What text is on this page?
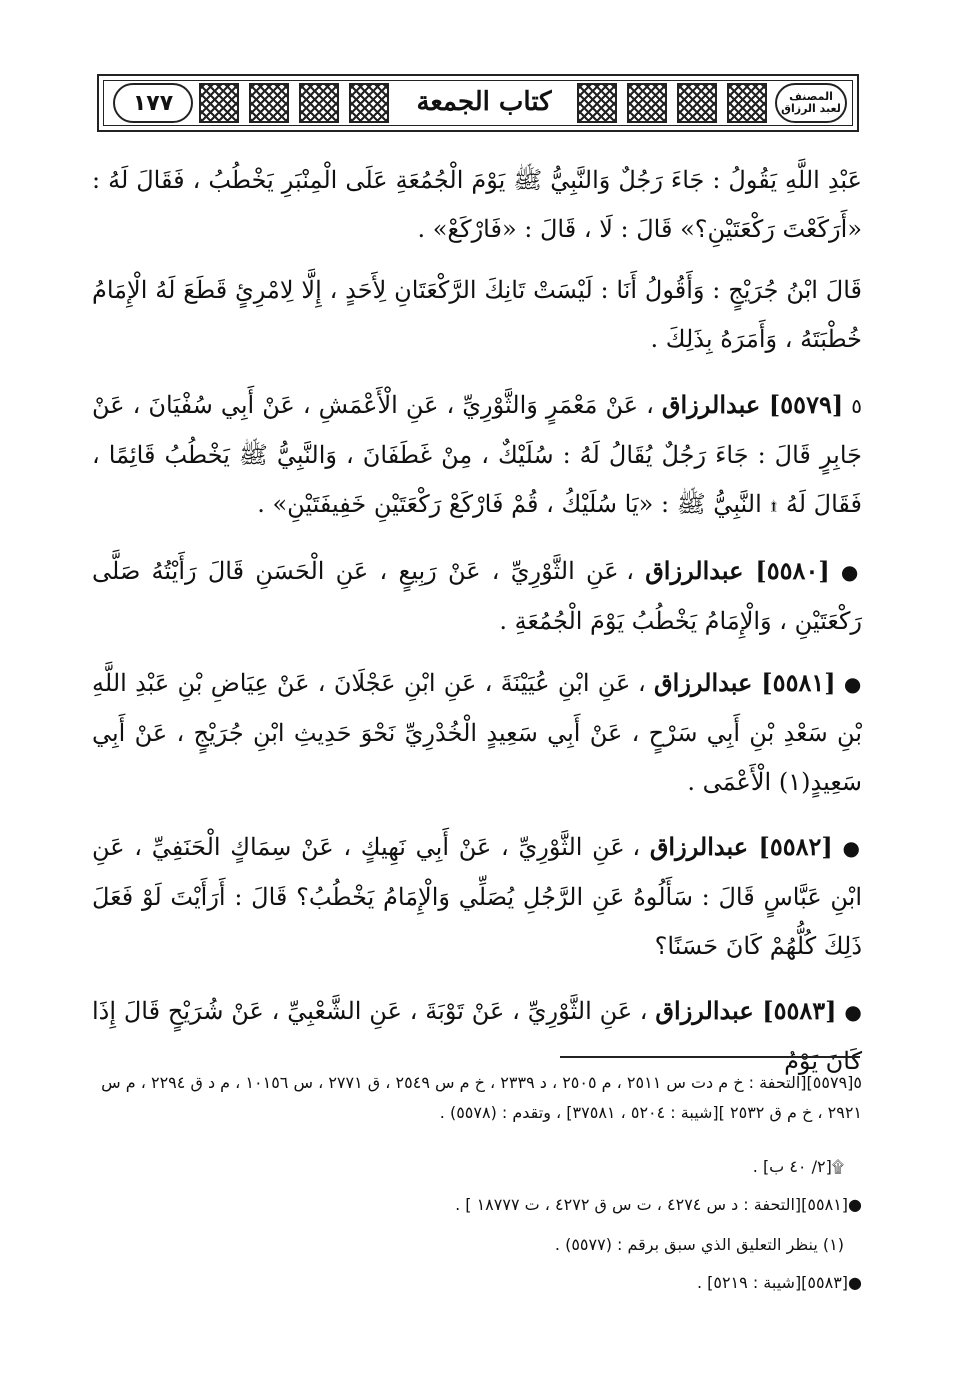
١٧٧	كتاب الجمعة	المصنف لعبد الرزاق
عَبْدِ اللَّهِ يَقُولُ : جَاءَ رَجُلٌ وَالنَّبِيُّ ﷺ يَوْمَ الْجُمُعَةِ عَلَى الْمِنْبَرِ يَخْطُبُ ، فَقَالَ لَهُ : «أَرَكَعْتَ رَكْعَتَيْنِ؟» قَالَ : لَا ، قَالَ : «فَارْكَعْ» .
قَالَ ابْنُ جُرَيْجٍ : وَأَقُولُ أَنَا : لَيْسَتْ تَانِكَ الرَّكْعَتَانِ لِأَحَدٍ ، إِلَّا لِامْرِئٍ قَطَعَ لَهُ الْإِمَامُ خُطْبَتَهُ ، وَأَمَرَهُ بِذَلِكَ .
٥ [٥٥٧٩] عبدالرزاق ، عَنْ مَعْمَرٍ وَالثَّوْرِيِّ ، عَنِ الْأَعْمَشِ ، عَنْ أَبِي سُفْيَانَ ، عَنْ جَابِرٍ قَالَ : جَاءَ رَجُلٌ يُقَالُ لَهُ : سُلَيْكٌ ، مِنْ غَطَفَانَ ، وَالنَّبِيُّ ﷺ يَخْطُبُ قَائِمًا ، فَقَالَ لَهُ ۩ النَّبِيُّ ﷺ : «يَا سُلَيْكُ ، قُمْ فَارْكَعْ رَكْعَتَيْنِ خَفِيفَتَيْنِ» .
● [٥٥٨٠] عبدالرزاق ، عَنِ الثَّوْرِيِّ ، عَنْ رَبِيعٍ ، عَنِ الْحَسَنِ قَالَ رَأَيْتُهُ صَلَّى رَكْعَتَيْنِ ، وَالْإِمَامُ يَخْطُبُ يَوْمَ الْجُمُعَةِ .
● [٥٥٨١] عبدالرزاق ، عَنِ ابْنِ عُيَيْنَةَ ، عَنِ ابْنِ عَجْلَانَ ، عَنْ عِيَاضِ بْنِ عَبْدِ اللَّهِ بْنِ سَعْدِ بْنِ أَبِي سَرْحٍ ، عَنْ أَبِي سَعِيدٍ الْخُدْرِيِّ نَحْوَ حَدِيثِ ابْنِ جُرَيْجٍ ، عَنْ أَبِي سَعِيدٍ(١) الْأَعْمَى .
● [٥٥٨٢] عبدالرزاق ، عَنِ الثَّوْرِيِّ ، عَنْ أَبِي نَهِيكٍ ، عَنْ سِمَاكٍ الْحَنَفِيِّ ، عَنِ ابْنِ عَبَّاسٍ قَالَ : سَأَلُوهُ عَنِ الرَّجُلِ يُصَلِّي وَالْإِمَامُ يَخْطُبُ؟ قَالَ : أَرَأَيْتَ لَوْ فَعَلَ ذَلِكَ كُلُّهُمْ كَانَ حَسَنًا؟
● [٥٥٨٣] عبدالرزاق ، عَنِ الثَّوْرِيِّ ، عَنْ تَوْبَةَ ، عَنِ الشَّعْبِيِّ ، عَنْ شُرَيْحٍ قَالَ إِذَا كَانَ يَوْمُ
٥[٥٥٧٩][التحفة : خ م دت س ٢٥١١ ، م ٢٥٠٥ ، د ٢٣٣٩ ، خ م س ٢٥٤٩ ، ق ٢٧٧١ ، س ١٠١٥٦ ، م د ق ٢٢٩٤ ، م س ٢٩٢١ ، خ م ق ٢٥٣٢ ][شيبة : ٥٢٠٤ ، ٣٧٥٨١] ، وتقدم : (٥٥٧٨) .
۩[٢/ ٤٠ ب] .
●[٥٥٨١][التحفة : د س ٤٢٧٤ ، ت س ق ٤٢٧٢ ، ت ١٨٧٧٧ ] .
(١) ينظر التعليق الذي سبق برقم : (٥٥٧٧) .
●[٥٥٨٣][شيبة : ٥٢١٩] .
